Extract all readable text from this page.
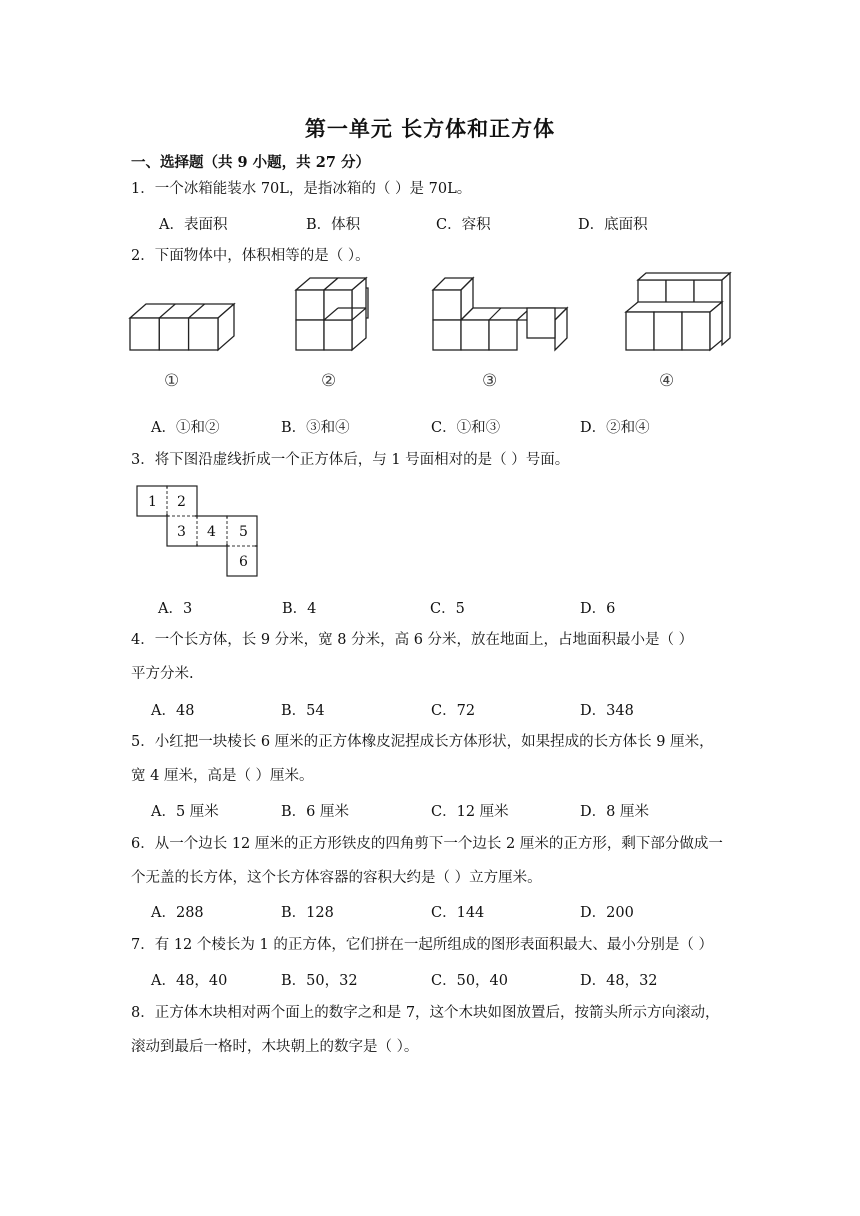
第一单元 长方体和正方体
一、选择题（共 9 小题，共 27 分）
1．一个冰箱能装水 70L，是指冰箱的（ ）是 70L。
A．表面积	B．体积	C．容积	D．底面积
2．下面物体中，体积相等的是（ ）。
①	②	③	④
A．①和②	B．③和④	C．①和③	D．②和④
3．将下图沿虚线折成一个正方体后，与 1 号面相对的是（ ）号面。
1 2
3 4 5
6
A．3	B．4	C．5	D．6
4．一个长方体，长 9 分米，宽 8 分米，高 6 分米，放在地面上，占地面积最小是（ ）
平方分米.
A．48	B．54	C．72	D．348
5．小红把一块棱长 6 厘米的正方体橡皮泥捏成长方体形状，如果捏成的长方体长 9 厘米，
宽 4 厘米，高是（ ）厘米。
A．5 厘米	B．6 厘米	C．12 厘米	D．8 厘米
6．从一个边长 12 厘米的正方形铁皮的四角剪下一个边长 2 厘米的正方形，剩下部分做成一
个无盖的长方体，这个长方体容器的容积大约是（ ）立方厘米。
A．288	B．128	C．144	D．200
7．有 12 个棱长为 1 的正方体，它们拼在一起所组成的图形表面积最大、最小分别是（ ）
A．48，40	B．50，32	C．50，40	D．48，32
8．正方体木块相对两个面上的数字之和是 7，这个木块如图放置后，按箭头所示方向滚动，
滚动到最后一格时，木块朝上的数字是（ ）。
